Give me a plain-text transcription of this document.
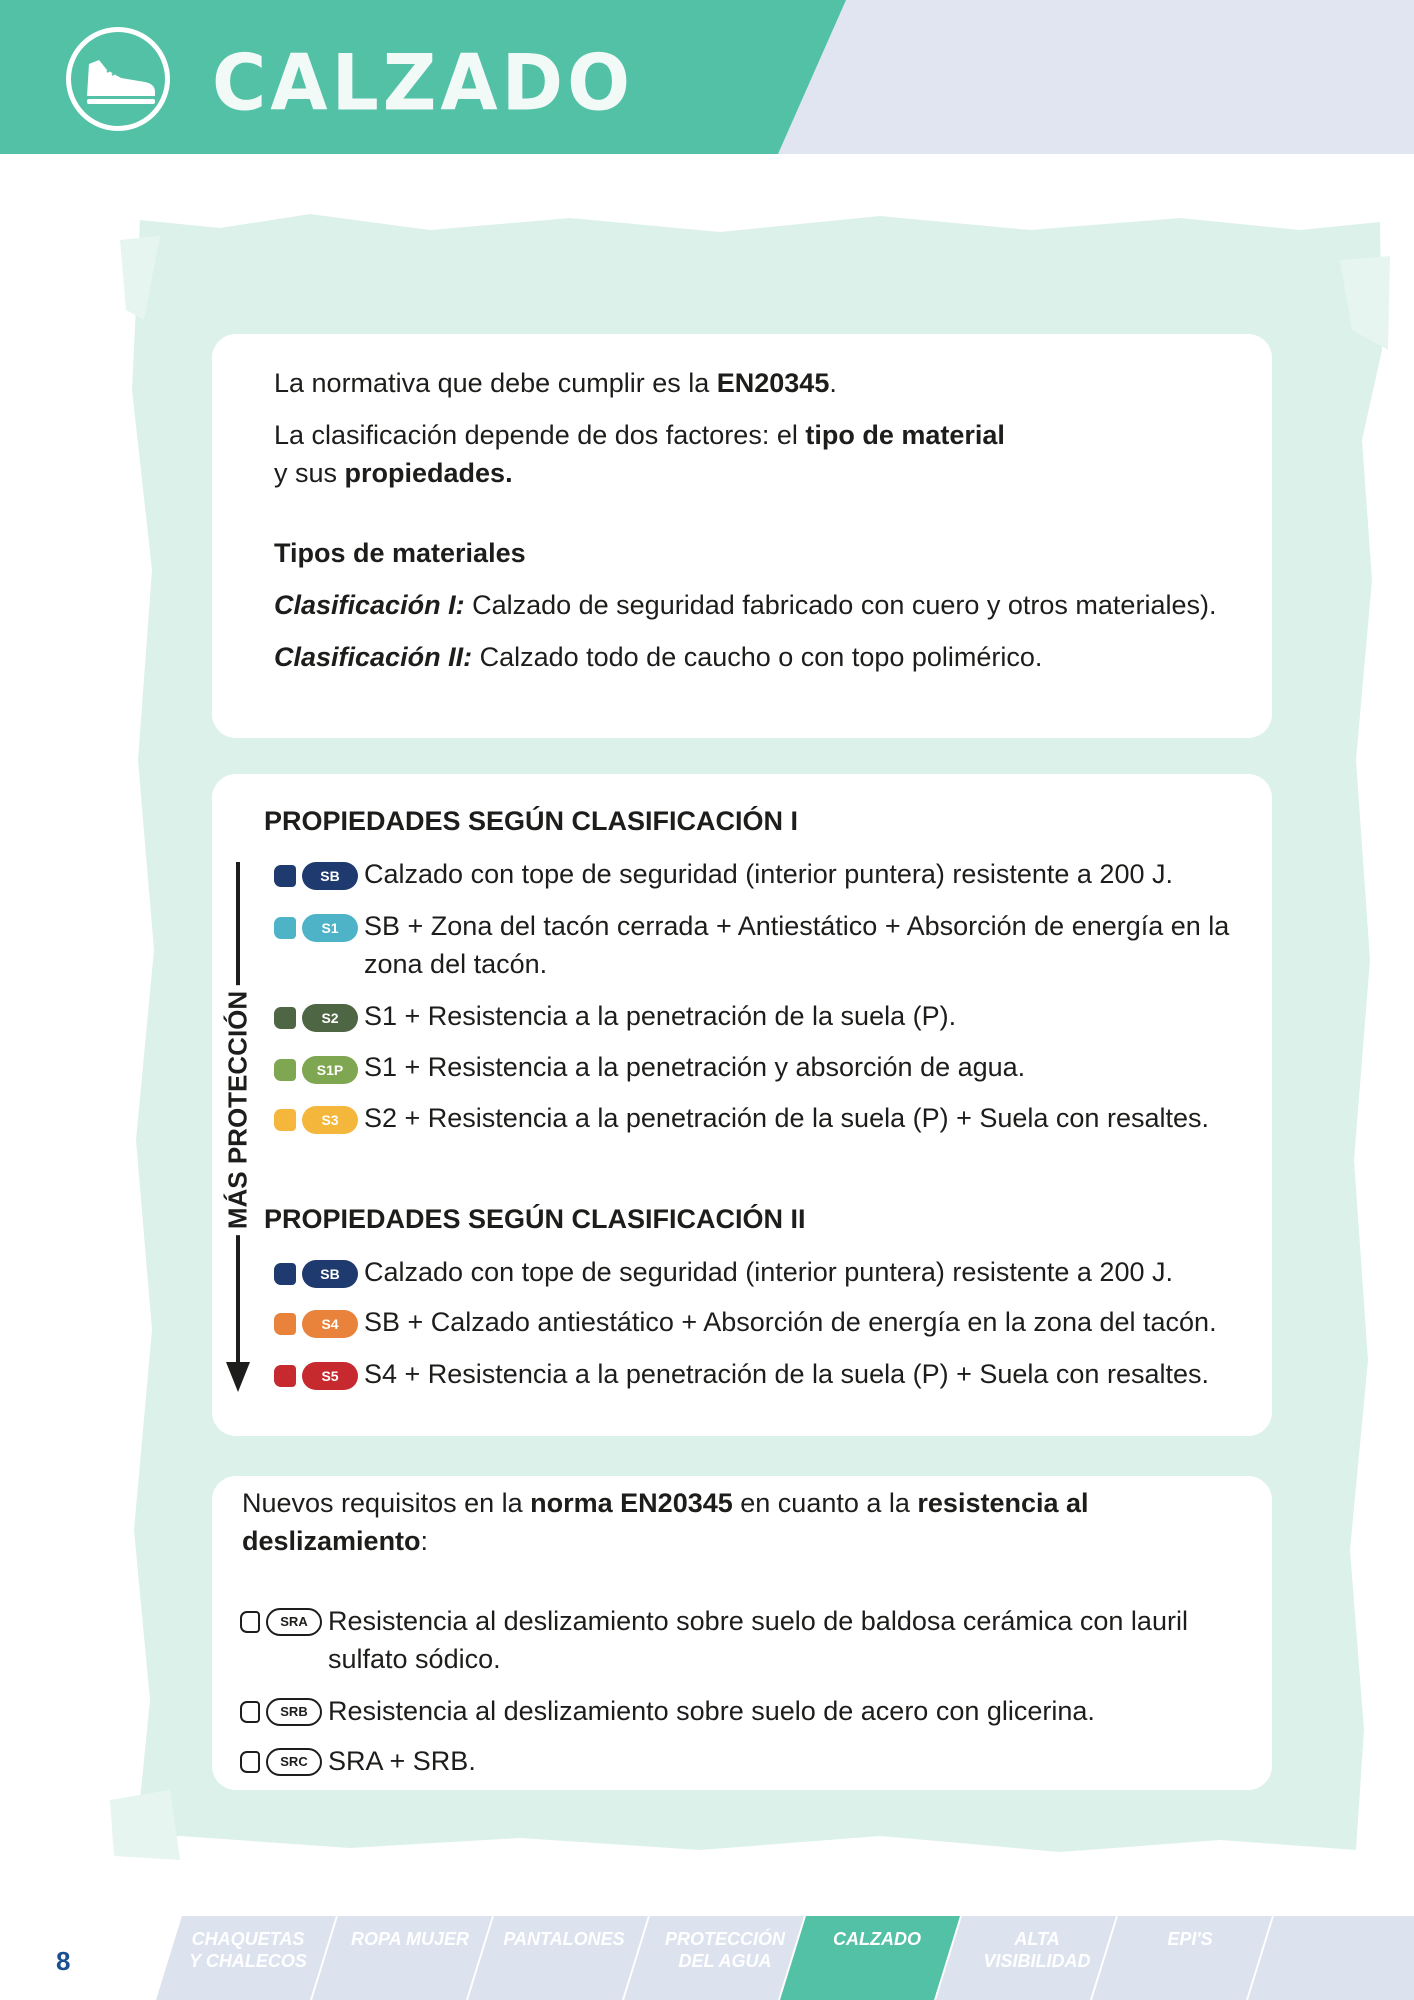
CALZADO
La normativa que debe cumplir es la EN20345.
La clasificación depende de dos factores: el tipo de material
y sus propiedades.
Tipos de materiales
Clasificación I: Calzado de seguridad fabricado con cuero y otros materiales).
Clasificación II: Calzado todo de caucho o con topo polimérico.
MÁS PROTECCIÓN
PROPIEDADES SEGÚN CLASIFICACIÓN I
SB Calzado con tope de seguridad (interior puntera) resistente a 200 J.
S1 SB + Zona del tacón cerrada + Antiestático + Absorción de energía en la
zona del tacón.
S2 S1 + Resistencia a la penetración de la suela (P).
S1P S1 + Resistencia a la penetración y absorción de agua.
S3 S2 + Resistencia a la penetración de la suela (P) + Suela con resaltes.
PROPIEDADES SEGÚN CLASIFICACIÓN II
SB Calzado con tope de seguridad (interior puntera) resistente a 200 J.
S4 SB + Calzado antiestático + Absorción de energía en la zona del tacón.
S5 S4 + Resistencia a la penetración de la suela (P) + Suela con resaltes.
Nuevos requisitos en la norma EN20345 en cuanto a la resistencia al
deslizamiento:
SRA Resistencia al deslizamiento sobre suelo de baldosa cerámica con lauril
sulfato sódico.
SRB Resistencia al deslizamiento sobre suelo de acero con glicerina.
SRC SRA + SRB.
8
CHAQUETAS
Y CHALECOS
ROPA MUJER	PANTALONES	PROTECCIÓN
DEL AGUA
CALZADO	ALTA
VISIBILIDAD
EPI'S
